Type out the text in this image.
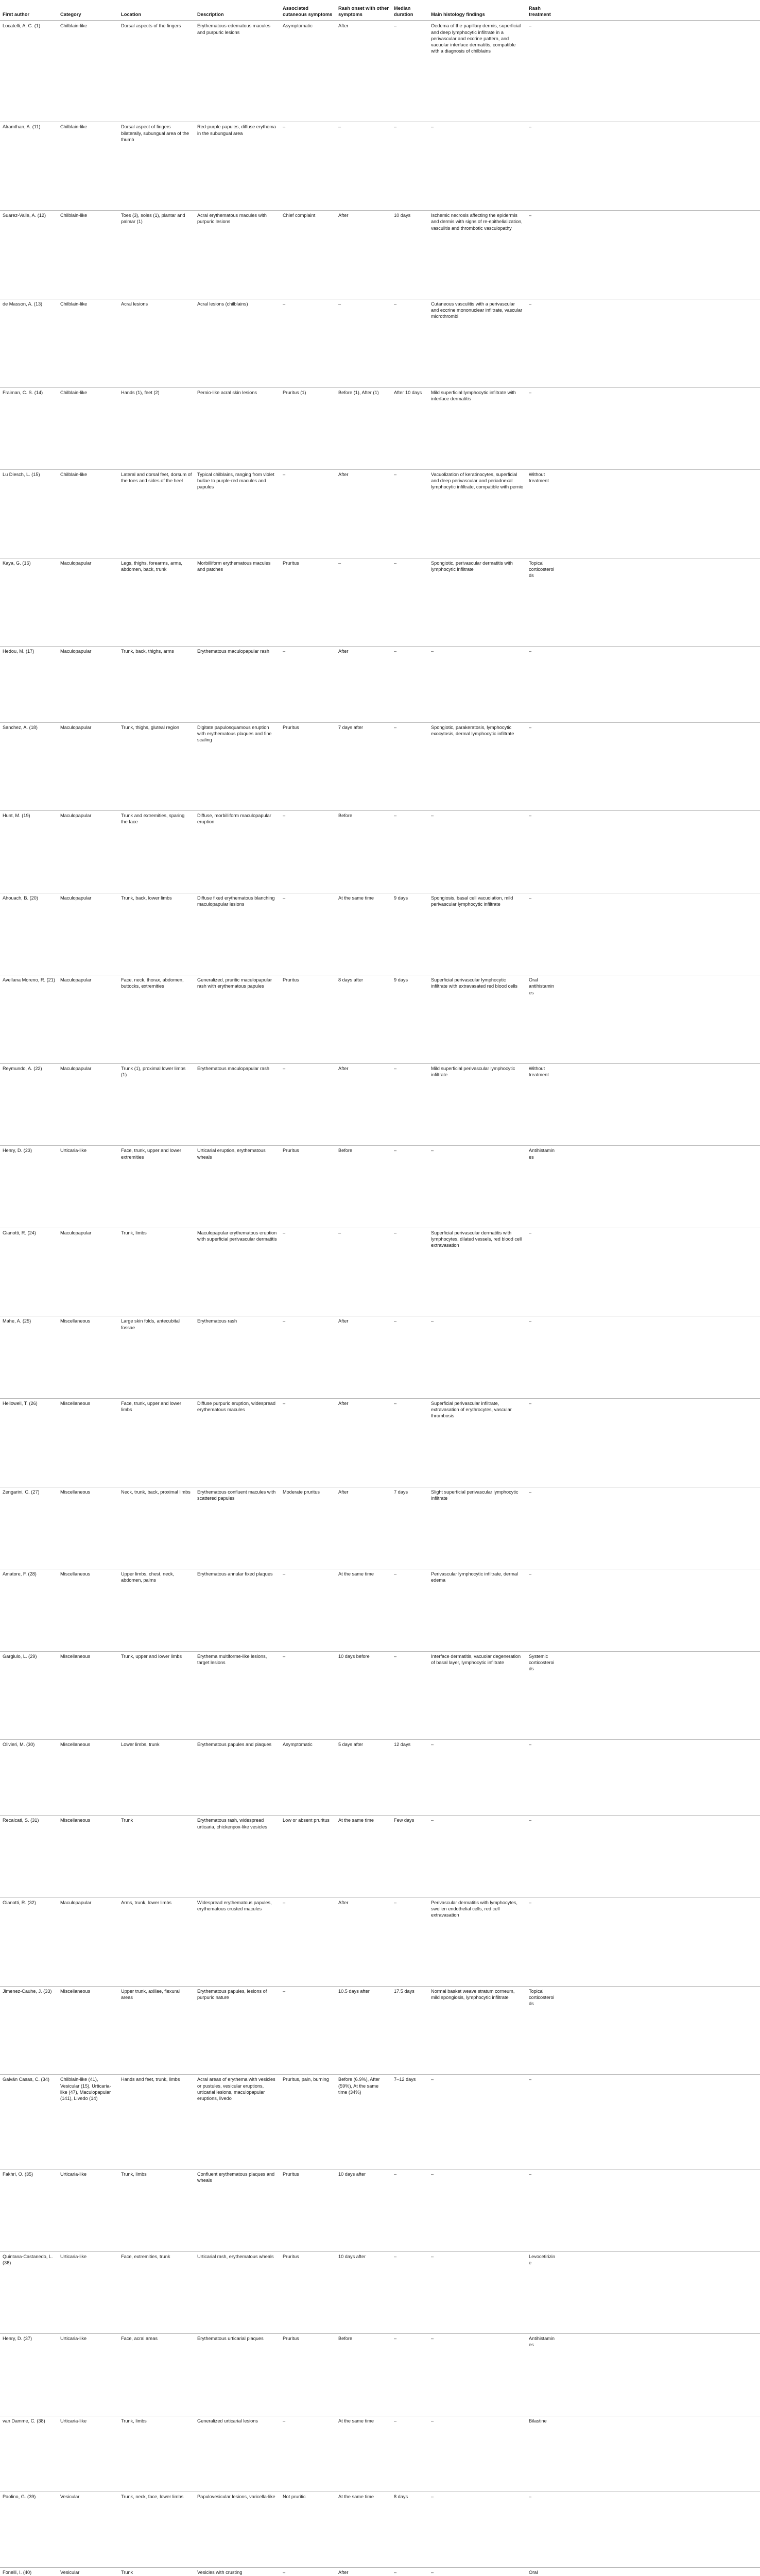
First author	Category	Location	Description	Associated cutaneous symptoms	Rash onset with other symptoms	Median duration	Main histology findings	Rash treatment	
Locatelli, A. G. (1)	Chilblain-like	Dorsal aspects of the fingers	Erythematous-edematous macules and purpuric lesions	Asymptomatic	After	–	Oedema of the papillary dermis, superficial and deep lymphocytic infiltrate in a perivascular and eccrine pattern, and vacuolar interface dermatitis, compatible with a diagnosis of chilblains	–	
Alramthan, A. (11)	Chilblain-like	Dorsal aspect of fingers bilaterally, subungual area of the thumb	Red-purple papules, diffuse erythema in the subungual area	–	–	–	–	–	
Suarez-Valle, A. (12)	Chilblain-like	Toes (3), soles (1), plantar and palmar (1)	Acral erythematous macules with purpuric lesions	Chief complaint	After	10 days	Ischemic necrosis affecting the epidermis and dermis with signs of re-epithelialization, vasculitis and thrombotic vasculopathy	–	
de Masson, A. (13)	Chilblain-like	Acral lesions	Acral lesions (chilblains)	–	–	–	Cutaneous vasculitis with a perivascular and eccrine mononuclear infiltrate, vascular microthrombi	–	
Fraiman, C. S. (14)	Chilblain-like	Hands (1), feet (2)	Pernio-like acral skin lesions	Pruritus (1)	Before (1), After (1)	After 10 days	Mild superficial lymphocytic infiltrate with interface dermatitis	–	
Lu Diesch, L. (15)	Chilblain-like	Lateral and dorsal feet, dorsum of the toes and sides of the heel	Typical chilblains, ranging from violet bullae to purple-red macules and papules	–	After	–	Vacuolization of keratinocytes, superficial and deep perivascular and periadnexal lymphocytic infiltrate, compatible with pernio	Without treatment	
Kaya, G. (16)	Maculopapular	Legs, thighs, forearms, arms, abdomen, back, trunk	Morbilliform erythematous macules and patches	Pruritus	–	–	Spongiotic, perivascular dermatitis with lymphocytic infiltrate	Topical corticosteroids	
Hedou, M. (17)	Maculopapular	Trunk, back, thighs, arms	Erythematous maculopapular rash	–	After	–	–	–	
Sanchez, A. (18)	Maculopapular	Trunk, thighs, gluteal region	Digitate papulosquamous eruption with erythematous plaques and fine scaling	Pruritus	7 days after	–	Spongiotic, parakeratosis, lymphocytic exocytosis, dermal lymphocytic infiltrate	–	
Hunt, M. (19)	Maculopapular	Trunk and extremities, sparing the face	Diffuse, morbilliform maculopapular eruption	–	Before	–	–	–	
Ahouach, B. (20)	Maculopapular	Trunk, back, lower limbs	Diffuse fixed erythematous blanching maculopapular lesions	–	At the same time	9 days	Spongiosis, basal cell vacuolation, mild perivascular lymphocytic infiltrate	–	
Avellana Moreno, R. (21)	Maculopapular	Face, neck, thorax, abdomen, buttocks, extremities	Generalized, pruritic maculopapular rash with erythematous papules	Pruritus	8 days after	9 days	Superficial perivascular lymphocytic infiltrate with extravasated red blood cells	Oral antihistamines	
Reymundo, A. (22)	Maculopapular	Trunk (1), proximal lower limbs (1)	Erythematous maculopapular rash	–	After	–	Mild superficial perivascular lymphocytic infiltrate	Without treatment	
Henry, D. (23)	Urticaria-like	Face, trunk, upper and lower extremities	Urticarial eruption, erythematous wheals	Pruritus	Before	–	–	Antihistamines	
Gianotti, R. (24)	Maculopapular	Trunk, limbs	Maculopapular erythematous eruption with superficial perivascular dermatitis	–	–	–	Superficial perivascular dermatitis with lymphocytes, dilated vessels, red blood cell extravasation	–	
Mahe, A. (25)	Miscellaneous	Large skin folds, antecubital fossae	Erythematous rash	–	After	–	–	–	
Hellowell, T. (26)	Miscellaneous	Face, trunk, upper and lower limbs	Diffuse purpuric eruption, widespread erythematous macules	–	After	–	Superficial perivascular infiltrate, extravasation of erythrocytes, vascular thrombosis	–	
Zengarini, C. (27)	Miscellaneous	Neck, trunk, back, proximal limbs	Erythematous confluent macules with scattered papules	Moderate pruritus	After	7 days	Slight superficial perivascular lymphocytic infiltrate	–	
Amatore, F. (28)	Miscellaneous	Upper limbs, chest, neck, abdomen, palms	Erythematous annular fixed plaques	–	At the same time	–	Perivascular lymphocytic infiltrate, dermal edema	–	
Gargiulo, L. (29)	Miscellaneous	Trunk, upper and lower limbs	Erythema multiforme-like lesions, target lesions	–	10 days before	–	Interface dermatitis, vacuolar degeneration of basal layer, lymphocytic infiltrate	Systemic corticosteroids	
Olivieri, M. (30)	Miscellaneous	Lower limbs, trunk	Erythematous papules and plaques	Asymptomatic	5 days after	12 days	–	–	
Recalcati, S. (31)	Miscellaneous	Trunk	Erythematous rash, widespread urticaria, chickenpox-like vesicles	Low or absent pruritus	At the same time	Few days	–	–	
Gianotti, R. (32)	Maculopapular	Arms, trunk, lower limbs	Widespread erythematous papules, erythematous crusted macules	–	After	–	Perivascular dermatitis with lymphocytes, swollen endothelial cells, red cell extravasation	–	
Jimenez-Cauhe, J. (33)	Miscellaneous	Upper trunk, axillae, flexural areas	Erythematous papules, lesions of purpuric nature	–	10.5 days after	17.5 days	Normal basket weave stratum corneum, mild spongiosis, lymphocytic infiltrate	Topical corticosteroids	
Galván Casas, C. (34)	Chilblain-like (41), Vesicular (15), Urticaria-like (47), Maculopapular (141), Livedo (14)	Hands and feet, trunk, limbs	Acral areas of erythema with vesicles or pustules, vesicular eruptions, urticarial lesions, maculopapular eruptions, livedo	Pruritus, pain, burning	Before (6.9%), After (59%), At the same time (34%)	7–12 days	–	–	
Fakhri, O. (35)	Urticaria-like	Trunk, limbs	Confluent erythematous plaques and wheals	Pruritus	10 days after	–	–	–	
Quintana-Castanedo, L. (36)	Urticaria-like	Face, extremities, trunk	Urticarial rash, erythematous wheals	Pruritus	10 days after	–	–	Levocetirizine	
Henry, D. (37)	Urticaria-like	Face, acral areas	Erythematous urticarial plaques	Pruritus	Before	–	–	Antihistamines	
van Damme, C. (38)	Urticaria-like	Trunk, limbs	Generalized urticarial lesions	–	At the same time	–	–	Bilastine	
Paolino, G. (39)	Vesicular	Trunk, neck, face, lower limbs	Papulovesicular lesions, varicella-like	Not pruritic	At the same time	8 days	–	–	
Fonelli, I. (40)	Vesicular	Trunk	Vesicles with crusting	–	After	–	–	Oral	
